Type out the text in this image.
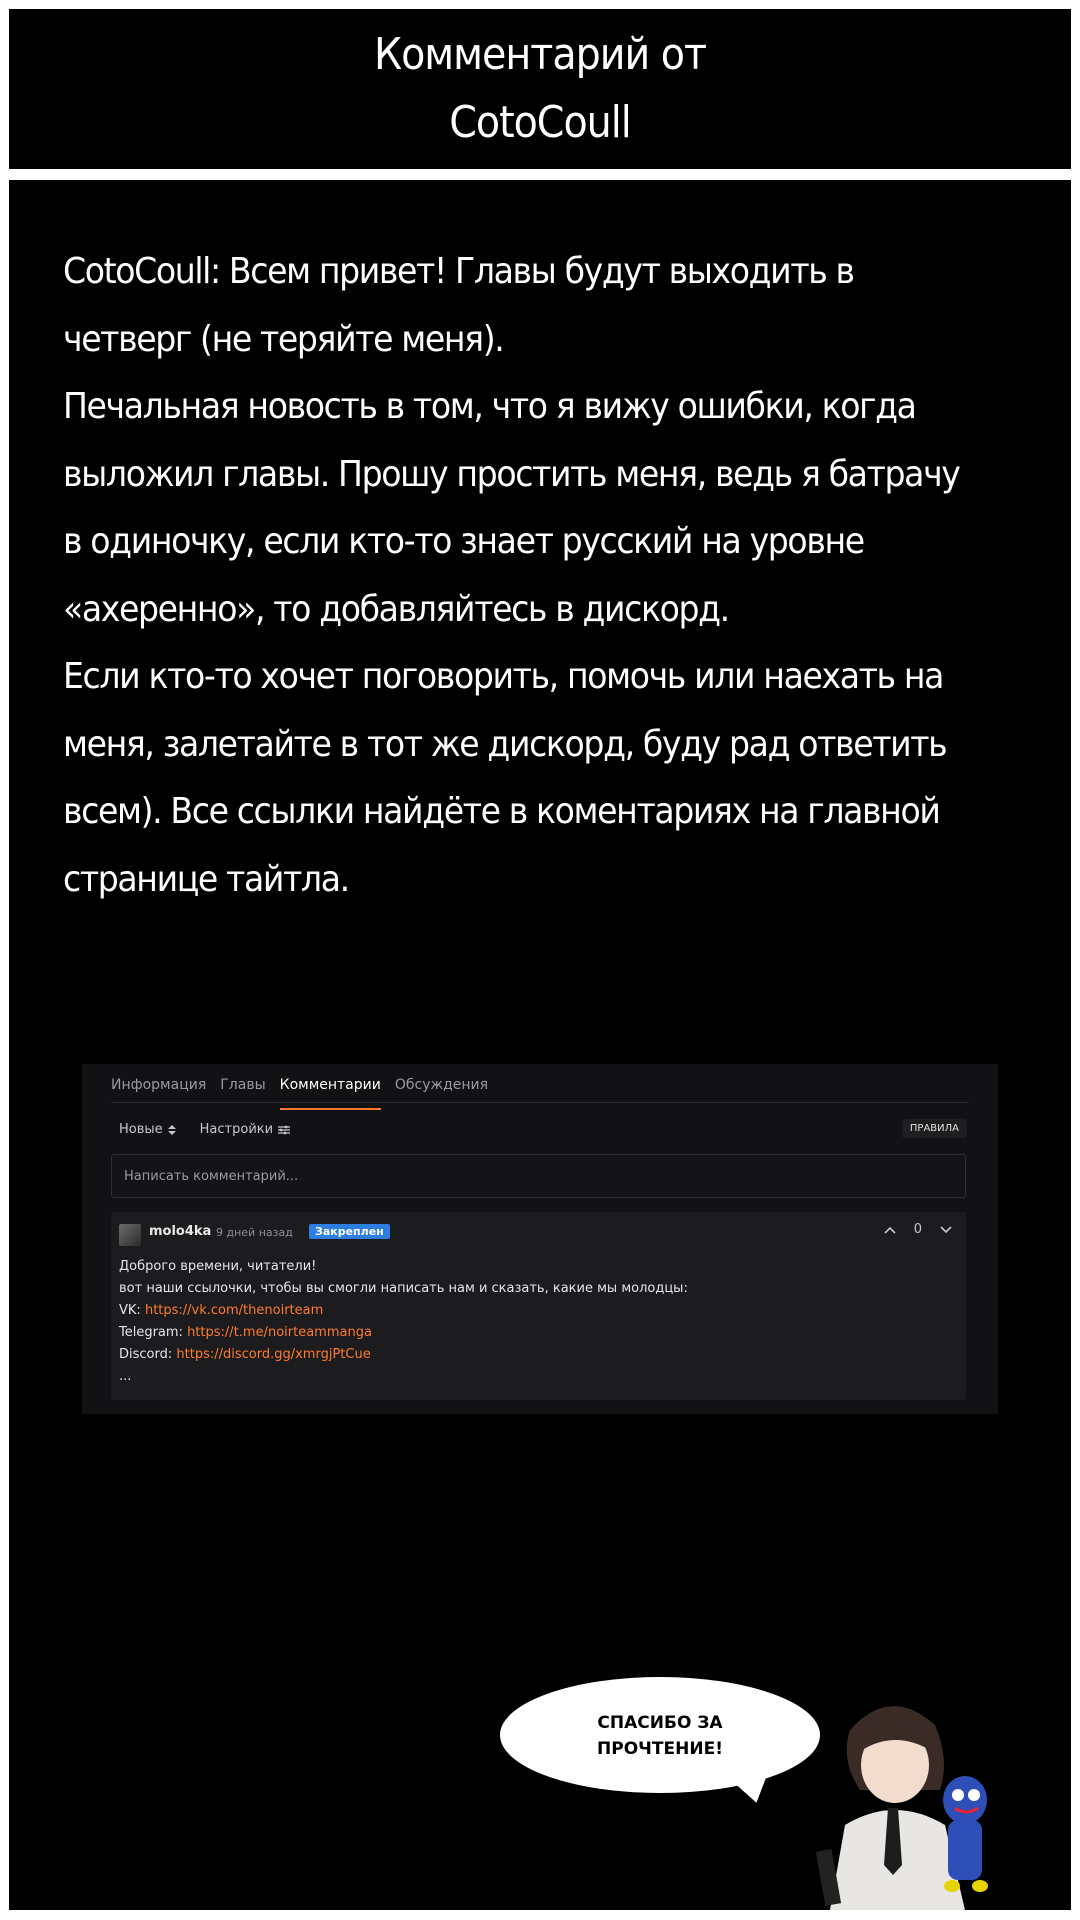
Комментарий от
CotoCoull
CotoCoull: Всем привет! Главы будут выходить в
четверг (не теряйте меня).
Печальная новость в том, что я вижу ошибки, когда
выложил главы. Прошу простить меня, ведь я батрачу
в одиночку, если кто-то знает русский на уровне
«ахеренно», то добавляйтесь в дискорд.
Если кто-то хочет поговорить, помочь или наехать на
меня, залетайте в тот же дискорд, буду рад ответить
всем). Все ссылки найдёте в коментариях на главной
странице тайтла.
Информация Главы Комментарии Обсуждения
Новые	Настройки	ПРАВИЛА
Написать комментарий...
molo4ka 9 дней назад	Закреплен	0
Доброго времени, читатели!
вот наши ссылочки, чтобы вы смогли написать нам и сказать, какие мы молодцы:
VK: https://vk.com/thenoirteam
Telegram: https://t.me/noirteammanga
Discord: https://discord.gg/xmrgjPtCue
...
СПАСИБО ЗА
ПРОЧТЕНИЕ!
